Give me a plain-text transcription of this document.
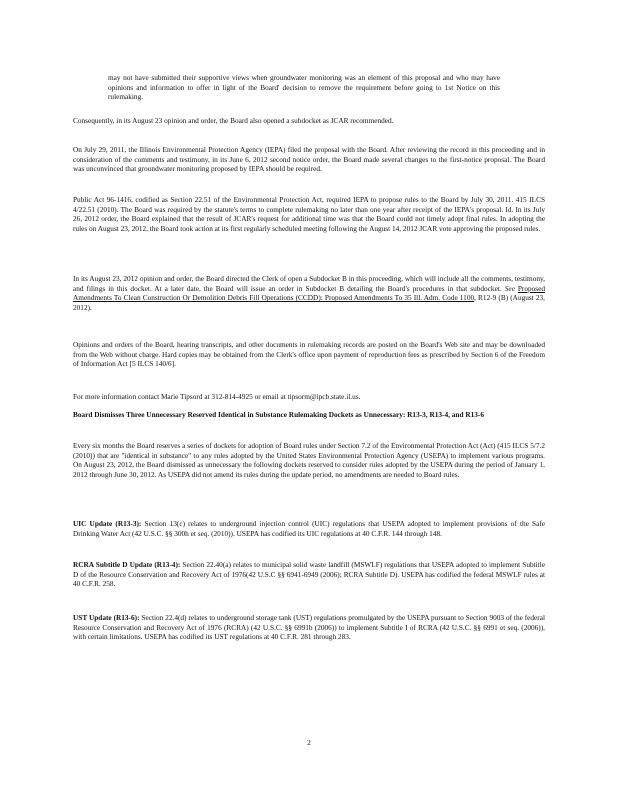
may not have submitted their supportive views when groundwater monitoring was an element of this proposal and who may have opinions and information to offer in light of the Board' decision to remove the requirement before going to 1st Notice on this rulemaking.

Consequently, in its August 23 opinion and order, the Board also opened a subdocket as JCAR recommended.

On July 29, 2011, the Illinois Environmental Protection Agency (IEPA) filed the proposal with the Board. After reviewing the record in this proceeding and in consideration of the comments and testimony, in its June 6, 2012 second notice order, the Board made several changes to the first-notice proposal. The Board was unconvinced that groundwater monitoring proposed by IEPA should be required.

Public Act 96-1416, codified as Section 22.51 of the Environmental Protection Act, required IEPA to propose rules to the Board by July 30, 2011. 415 ILCS 4/22.51 (2010). The Board was required by the statute's terms to complete rulemaking no later than one year after receipt of the IEPA's proposal. Id. In its July 26, 2012 order, the Board explained that the result of JCAR's request for additional time was that the Board could not timely adopt final rules. In adopting the rules on August 23, 2012, the Board took action at its first regularly scheduled meeting following the August 14, 2012 JCAR vote approving the proposed rules.

In its August 23, 2012 opinion and order, the Board directed the Clerk of open a Subdocket B in this proceeding, which will include all the comments, testimony, and filings in this docket. At a later date, the Board will issue an order in Subdocket B detailing the Board's procedures in that subdocket. See Proposed Amendments To Clean Construction Or Demolition Debris Fill Operations (CCDD): Proposed Amendments To 35 Ill. Adm. Code 1100, R12-9 (B) (August 23, 2012).

Opinions and orders of the Board, hearing transcripts, and other documents in rulemaking records are posted on the Board's Web site and may be downloaded from the Web without charge. Hard copies may be obtained from the Clerk's office upon payment of reproduction fees as prescribed by Section 6 of the Freedom of Information Act [5 ILCS 140/6].

For more information contact Marie Tipsord at 312-814-4925 or email at tipsorm@ipcb.state.il.us.

Board Dismisses Three Unnecessary Reserved Identical in Substance Rulemaking Dockets as Unnecessary: R13-3, R13-4, and R13-6

Every six months the Board reserves a series of dockets for adoption of Board rules under Section 7.2 of the Environmental Protection Act (Act) (415 ILCS 5/7.2 (2010)) that are "identical in substance" to any rules adopted by the United States Environmental Protection Agency (USEPA) to implement various programs. On August 23, 2012, the Board dismissed as unnecessary the following dockets reserved to consider rules adopted by the USEPA during the period of January 1, 2012 through June 30, 2012. As USEPA did not amend its rules during the update period, no amendments are needed to Board rules.

UIC Update (R13-3): Section 13(c) relates to underground injection control (UIC) regulations that USEPA adopted to implement provisions of the Safe Drinking Water Act (42 U.S.C. §§ 300h et seq. (2010)). USEPA has codified its UIC regulations at 40 C.F.R. 144 through 148.

RCRA Subtitle D Update (R13-4): Section 22.40(a) relates to municipal solid waste landfill (MSWLF) regulations that USEPA adopted to implement Subtitle D of the Resource Conservation and Recovery Act of 1976(42 U.S.C §§ 6941-6949 (2006); RCRA Subtitle D). USEPA has codified the federal MSWLF rules at 40 C.F.R. 258.

UST Update (R13-6): Section 22.4(d) relates to underground storage tank (UST) regulations promulgated by the USEPA pursuant to Section 9003 of the federal Resource Conservation and Recovery Act of 1976 (RCRA) (42 U.S.C. §§ 6991b (2006)) to implement Subtitle I of RCRA (42 U.S.C. §§ 6991 et seq. (2006)), with certain limitations. USEPA has codified its UST regulations at 40 C.F.R. 281 through 283.

2
